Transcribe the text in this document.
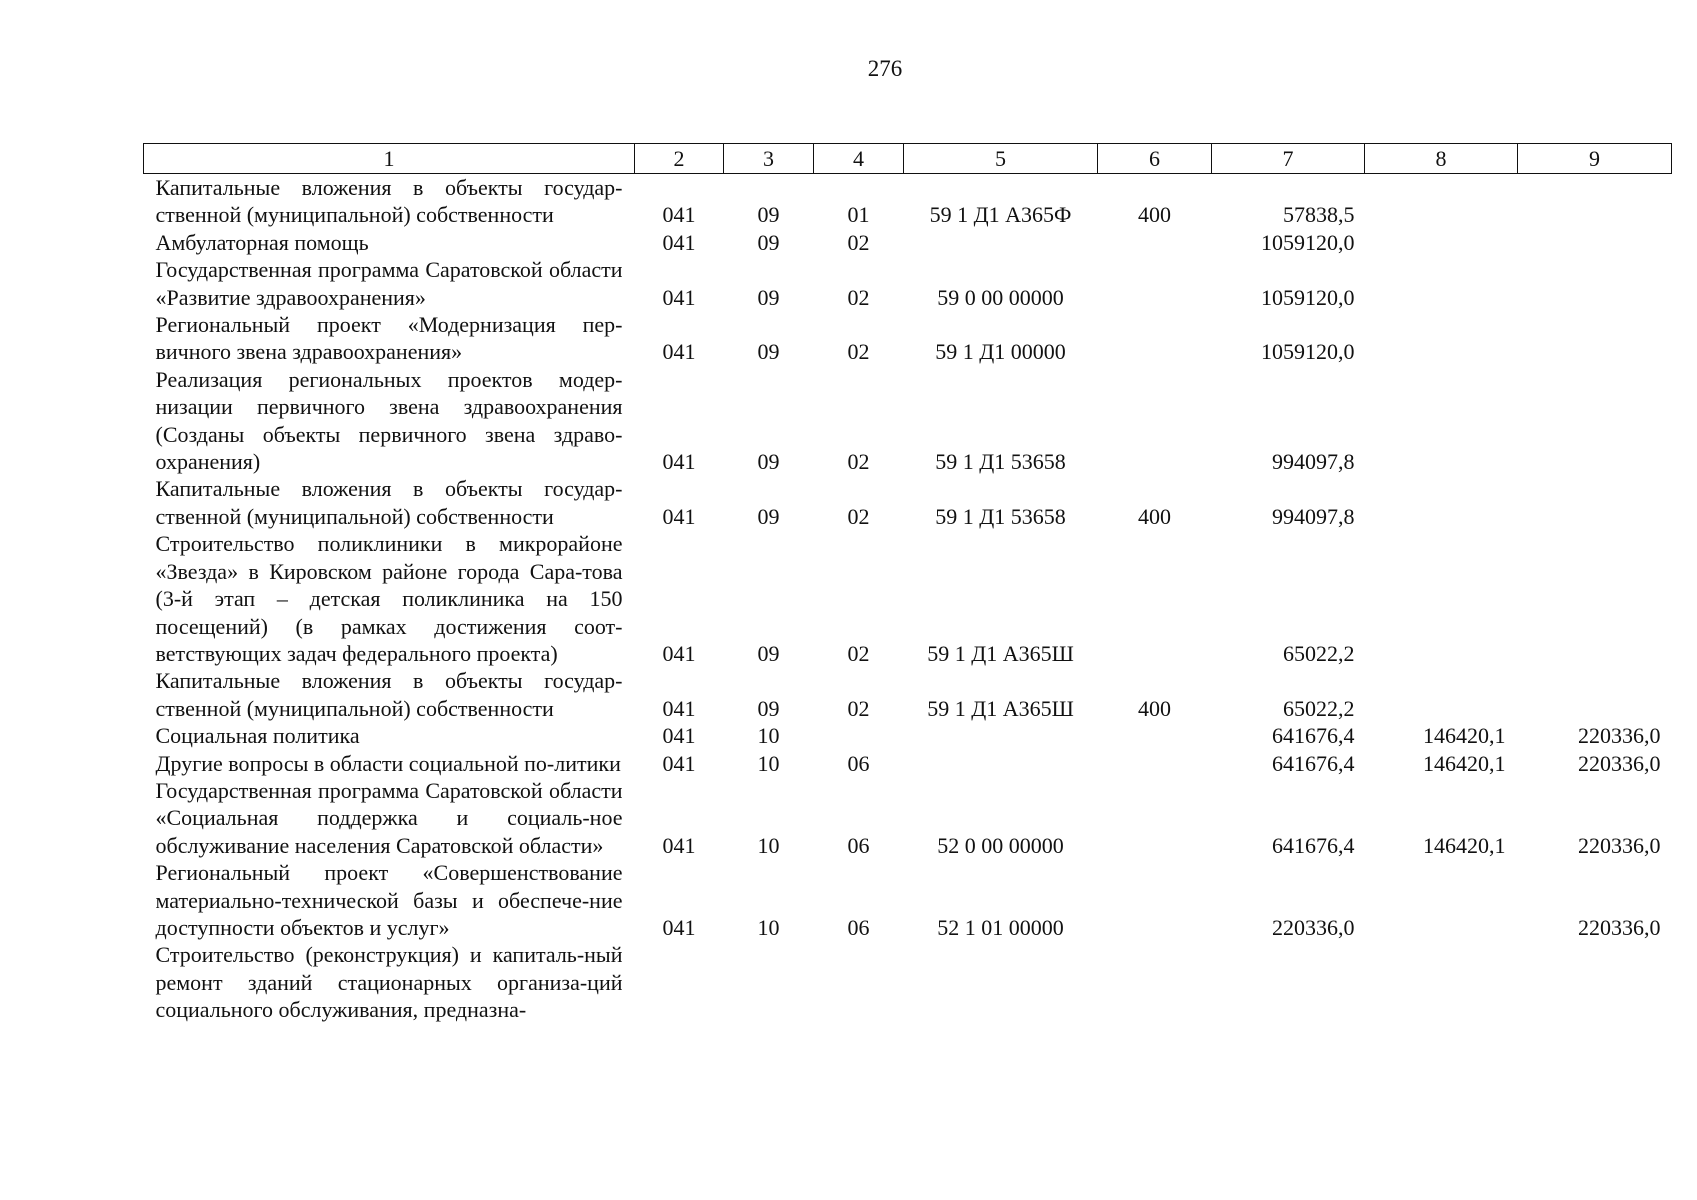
276
1	2	3	4	5	6	7	8	9
Капитальные вложения в объекты государ-ственной (муниципальной) собственности	041	09	01	59 1 Д1 А365Ф	400	57838,5		
Амбулаторная помощь	041	09	02			1059120,0		
Государственная программа Саратовской области «Развитие здравоохранения»	041	09	02	59 0 00 00000		1059120,0		
Региональный проект «Модернизация пер-вичного звена здравоохранения»	041	09	02	59 1 Д1 00000		1059120,0		
Реализация региональных проектов модер-низации первичного звена здравоохранения (Созданы объекты первичного звена здраво-охранения)	041	09	02	59 1 Д1 53658		994097,8		
Капитальные вложения в объекты государ-ственной (муниципальной) собственности	041	09	02	59 1 Д1 53658	400	994097,8		
Строительство поликлиники в микрорайоне «Звезда» в Кировском районе города Сара-това (3-й этап – детская поликлиника на 150 посещений) (в рамках достижения соот-ветствующих задач федерального проекта)	041	09	02	59 1 Д1 А365Ш		65022,2		
Капитальные вложения в объекты государ-ственной (муниципальной) собственности	041	09	02	59 1 Д1 А365Ш	400	65022,2		
Социальная политика	041	10				641676,4	146420,1	220336,0
Другие вопросы в области социальной по-литики	041	10	06			641676,4	146420,1	220336,0
Государственная программа Саратовской области «Социальная поддержка и социаль-ное обслуживание населения Саратовской области»	041	10	06	52 0 00 00000		641676,4	146420,1	220336,0
Региональный проект «Совершенствование материально-технической базы и обеспече-ние доступности объектов и услуг»	041	10	06	52 1 01 00000		220336,0		220336,0
Строительство (реконструкция) и капиталь-ный ремонт зданий стационарных организа-ций социального обслуживания, предназна-								
